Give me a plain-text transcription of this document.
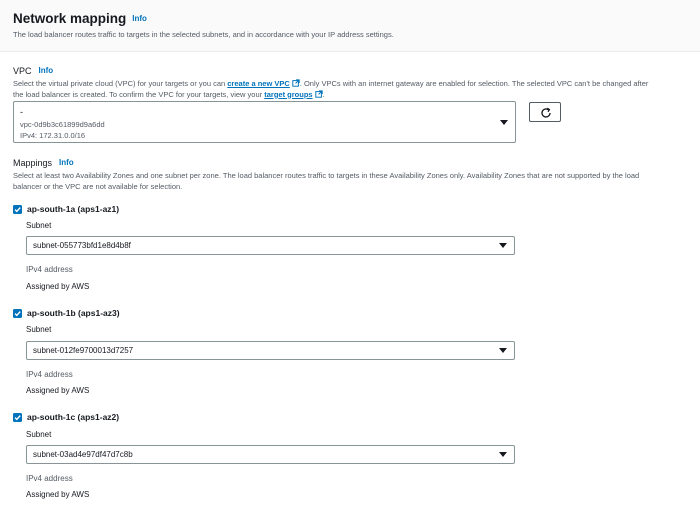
Network mapping Info
The load balancer routes traffic to targets in the selected subnets, and in accordance with your IP address settings.
VPC Info
Select the virtual private cloud (VPC) for your targets or you can create a new VPC . Only VPCs with an internet gateway are enabled for selection. The selected VPC can't be changed after
the load balancer is created. To confirm the VPC for your targets, view your target groups .
-
vpc-0d9b3c61899d9a6dd
IPv4: 172.31.0.0/16
Mappings Info
Select at least two Availability Zones and one subnet per zone. The load balancer routes traffic to targets in these Availability Zones only. Availability Zones that are not supported by the load
balancer or the VPC are not available for selection.
ap-south-1a (aps1-az1)
Subnet
subnet-055773bfd1e8d4b8f
IPv4 address
Assigned by AWS
ap-south-1b (aps1-az3)
Subnet
subnet-012fe9700013d7257
IPv4 address
Assigned by AWS
ap-south-1c (aps1-az2)
Subnet
subnet-03ad4e97df47d7c8b
IPv4 address
Assigned by AWS
